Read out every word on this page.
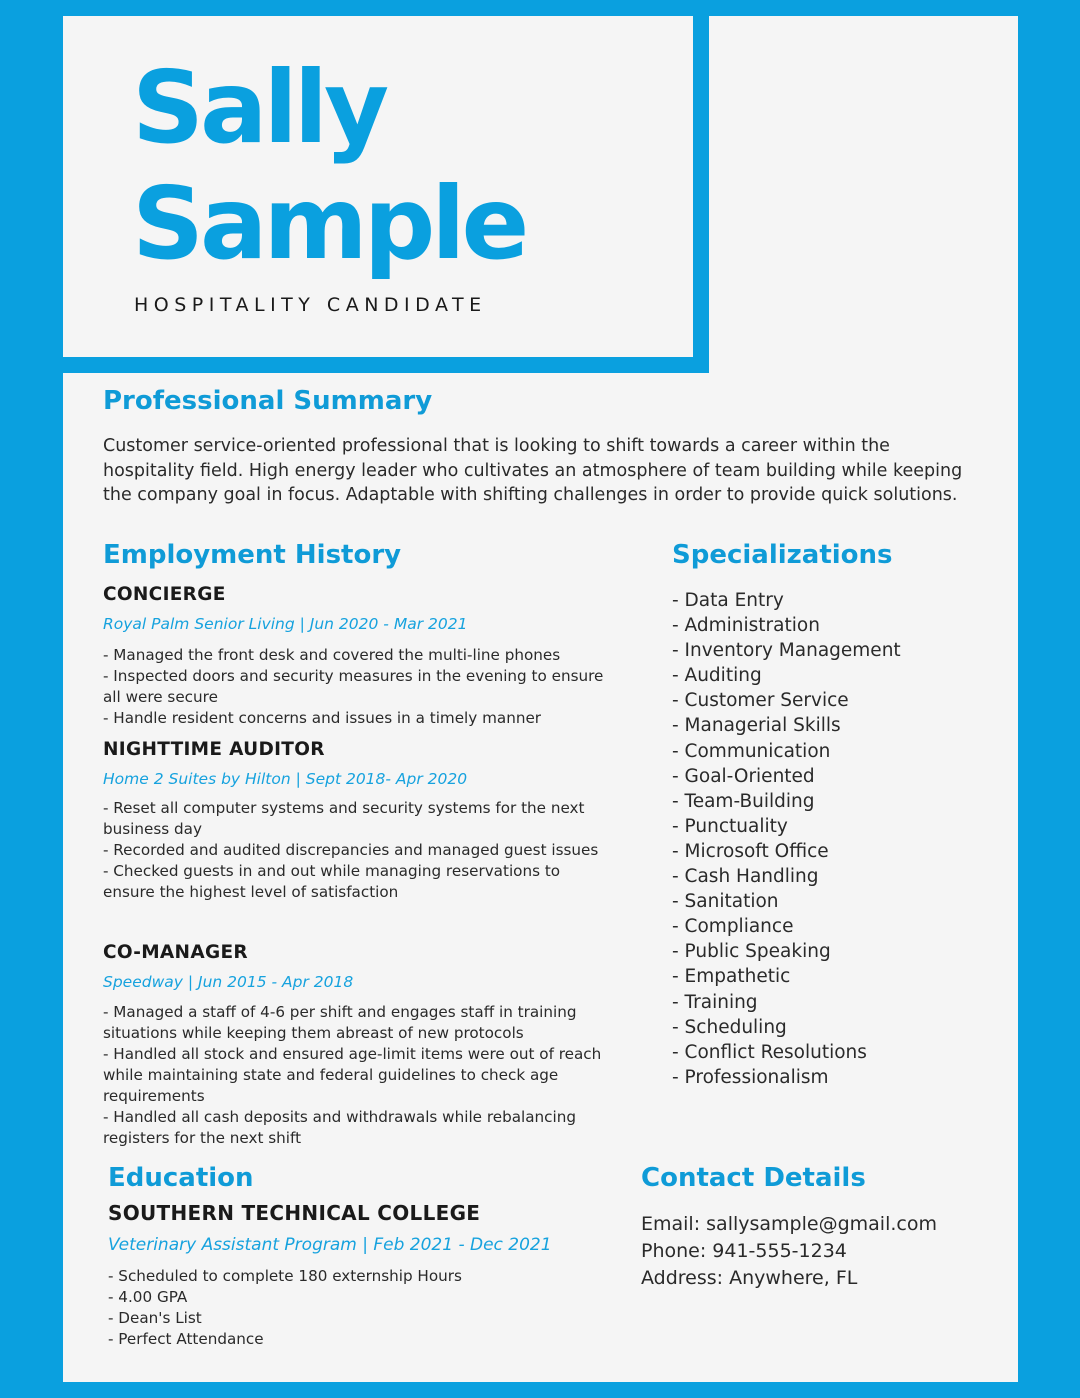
Sally
Sample
HOSPITALITY CANDIDATE
Professional Summary
Customer service-oriented professional that is looking to shift towards a career within the hospitality field. High energy leader who cultivates an atmosphere of team building while keeping the company goal in focus. Adaptable with shifting challenges in order to provide quick solutions.
Employment History
CONCIERGE
Royal Palm Senior Living | Jun 2020 - Mar 2021
- Managed the front desk and covered the multi-line phones
- Inspected doors and security measures in the evening to ensure all were secure
- Handle resident concerns and issues in a timely manner
NIGHTTIME AUDITOR
Home 2 Suites by Hilton | Sept 2018- Apr 2020
- Reset all computer systems and security systems for the next business day
- Recorded and audited discrepancies and managed guest issues
- Checked guests in and out while managing reservations to ensure the highest level of satisfaction
CO-MANAGER
Speedway | Jun 2015 - Apr 2018
- Managed a staff of 4-6 per shift and engages staff in training situations while keeping them abreast of new protocols
- Handled all stock and ensured age-limit items were out of reach while maintaining state and federal guidelines to check age requirements
- Handled all cash deposits and withdrawals while rebalancing registers for the next shift
Specializations
- Data Entry
- Administration
- Inventory Management
- Auditing
- Customer Service
- Managerial Skills
- Communication
- Goal-Oriented
- Team-Building
- Punctuality
- Microsoft Office
- Cash Handling
- Sanitation
- Compliance
- Public Speaking
- Empathetic
- Training
- Scheduling
- Conflict Resolutions
- Professionalism
Education
SOUTHERN TECHNICAL COLLEGE
Veterinary Assistant Program | Feb 2021 - Dec 2021
- Scheduled to complete 180 externship Hours
- 4.00 GPA
- Dean's List
- Perfect Attendance
Contact Details
Email: sallysample@gmail.com
Phone: 941-555-1234
Address: Anywhere, FL
